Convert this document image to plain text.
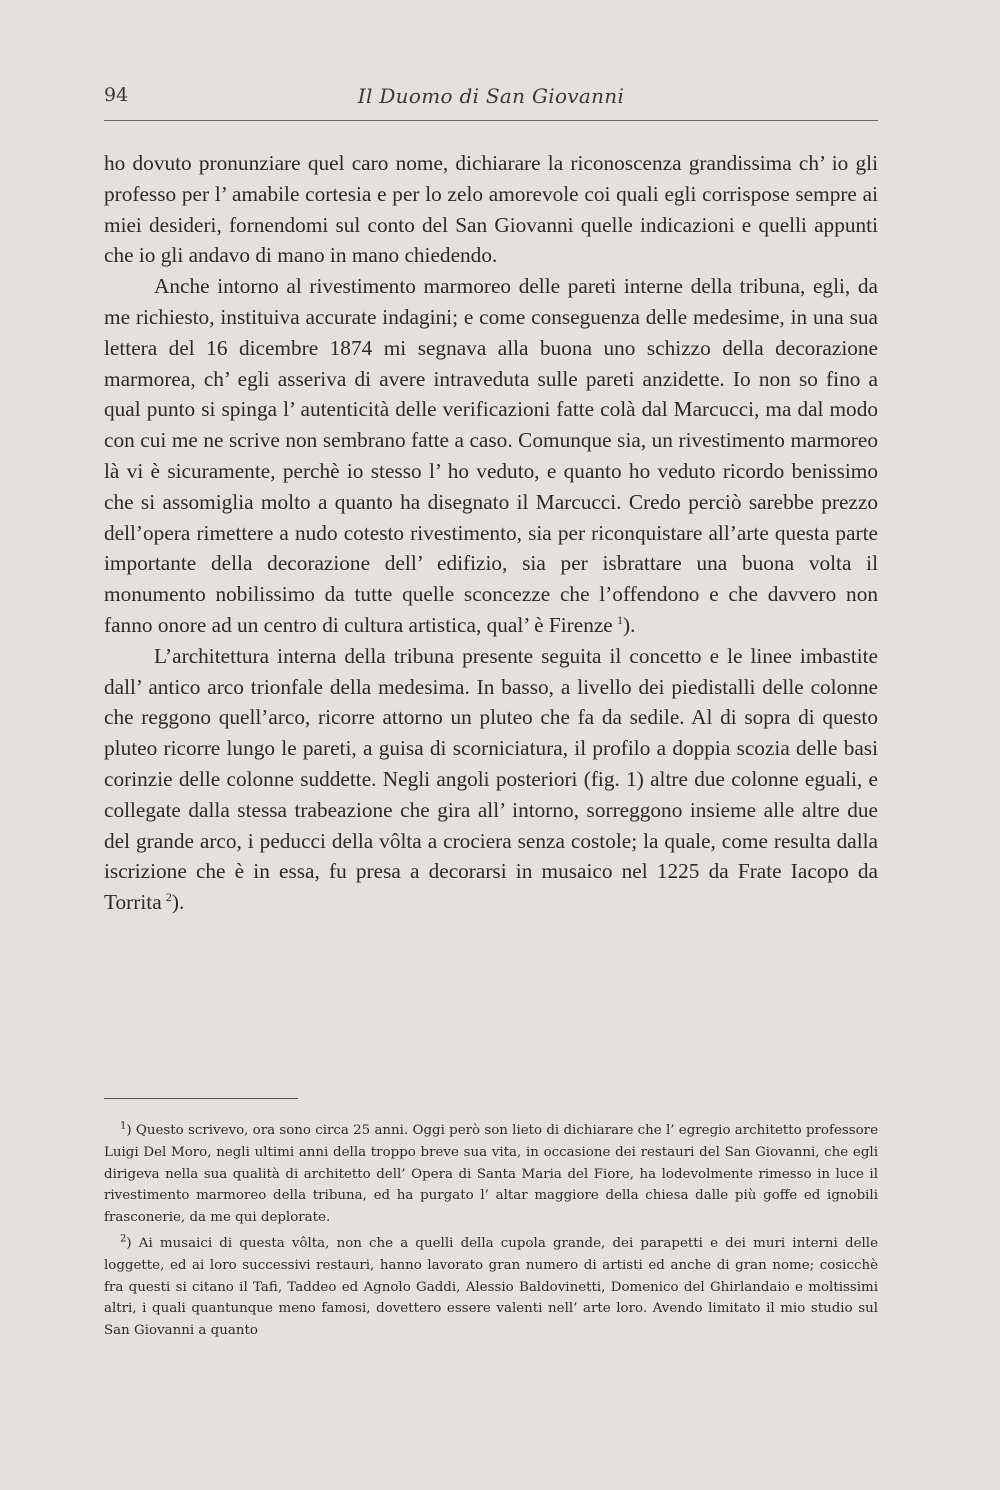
94	Il Duomo di San Giovanni

ho dovuto pronunziare quel caro nome, dichiarare la riconoscenza grandissima ch’ io gli professo per l’ amabile cortesia e per lo zelo amorevole coi quali egli corrispose sempre ai miei desideri, fornendomi sul conto del San Giovanni quelle indicazioni e quelli appunti che io gli andavo di mano in mano chiedendo.

Anche intorno al rivestimento marmoreo delle pareti interne della tribuna, egli, da me richiesto, instituiva accurate indagini; e come conseguenza delle medesime, in una sua lettera del 16 dicembre 1874 mi segnava alla buona uno schizzo della decorazione marmorea, ch’ egli asseriva di avere intraveduta sulle pareti anzidette. Io non so fino a qual punto si spinga l’ autenticità delle verificazioni fatte colà dal Marcucci, ma dal modo con cui me ne scrive non sembrano fatte a caso. Comunque sia, un rivestimento marmoreo là vi è sicuramente, perchè io stesso l’ ho veduto, e quanto ho veduto ricordo benissimo che si assomiglia molto a quanto ha disegnato il Marcucci. Credo perciò sarebbe prezzo dell’opera rimettere a nudo cotesto rivestimento, sia per riconquistare all’arte questa parte importante della decorazione dell’ edifizio, sia per isbrattare una buona volta il monumento nobilissimo da tutte quelle sconcezze che l’offendono e che davvero non fanno onore ad un centro di cultura artistica, qual’ è Firenze  $^1$).

L’architettura interna della tribuna presente seguita il concetto e le linee imbastite dall’ antico arco trionfale della medesima. In basso, a livello dei piedistalli delle colonne che reggono quell’arco, ricorre attorno un pluteo che fa da sedile. Al di sopra di questo pluteo ricorre lungo le pareti, a guisa di scorniciatura, il profilo a doppia scozia delle basi corinzie delle colonne suddette. Negli angoli posteriori (fig. 1) altre due colonne eguali, e collegate dalla stessa trabeazione che gira all’ intorno, sorreggono insieme alle altre due del grande arco, i peducci della vôlta a crociera senza costole; la quale, come resulta dalla iscrizione che è in essa, fu presa a decorarsi in musaico nel 1225 da Frate Iacopo da Torrita  $^2$).

$^1$) Questo scrivevo, ora sono circa 25 anni. Oggi però son lieto di dichiarare che l’ egregio architetto professore Luigi Del Moro, negli ultimi anni della troppo breve sua vita, in occasione dei restauri del San Giovanni, che egli dirigeva nella sua qualità di architetto dell’ Opera di Santa Maria del Fiore, ha lodevolmente rimesso in luce il rivestimento marmoreo della tribuna, ed ha purgato l’ altar maggiore della chiesa dalle più goffe ed ignobili frasconerie, da me qui deplorate.

$^2$) Ai musaici di questa vôlta, non che a quelli della cupola grande, dei parapetti e dei muri interni delle loggette, ed ai loro successivi restauri, hanno lavorato gran numero di artisti ed anche di gran nome; cosicchè fra questi si citano il Tafi, Taddeo ed Agnolo Gaddi, Alessio Baldovinetti, Domenico del Ghirlandaio e moltissimi altri, i quali quantunque meno famosi, dovettero essere valenti nell’ arte loro. Avendo limitato il mio studio sul San Giovanni a quanto
